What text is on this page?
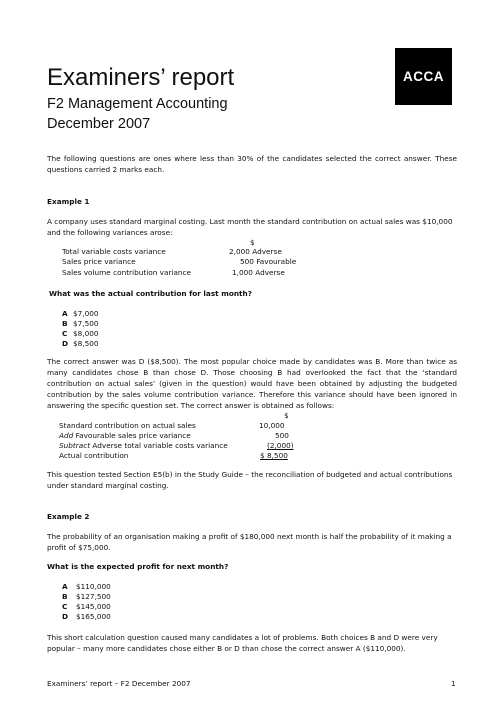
ACCA
Examiners’ report
F2 Management Accounting
December 2007
The following questions are ones where less than 30% of the candidates selected the correct answer. These questions carried 2 marks each.
Example 1
A company uses standard marginal costing. Last month the standard contribution on actual sales was $10,000 and the following variances arose:
$
Total variable costs variance	2,000 Adverse
Sales price variance	500 Favourable
Sales volume contribution variance	1,000 Adverse
What was the actual contribution for last month?
A $7,000
B $7,500
C $8,000
D $8,500
The correct answer was D ($8,500). The most popular choice made by candidates was B. More than twice as many candidates chose B than chose D. Those choosing B had overlooked the fact that the ‘standard contribution on actual sales’ (given in the question) would have been obtained by adjusting the budgeted contribution by the sales volume contribution variance. Therefore this variance should have been ignored in answering the specific question set. The correct answer is obtained as follows:
$
Standard contribution on actual sales	10,000
Add Favourable sales price variance	500
Subtract Adverse total variable costs variance	(2,000)
Actual contribution	$ 8,500
This question tested Section E5(b) in the Study Guide – the reconciliation of budgeted and actual contributions under standard marginal costing.
Example 2
The probability of an organisation making a profit of $180,000 next month is half the probability of it making a profit of $75,000.
What is the expected profit for next month?
A $110,000
B $127,500
C $145,000
D $165,000
This short calculation question caused many candidates a lot of problems. Both choices B and D were very popular – many more candidates chose either B or D than chose the correct answer A ($110,000).
Examiners’ report – F2 December 2007	1
